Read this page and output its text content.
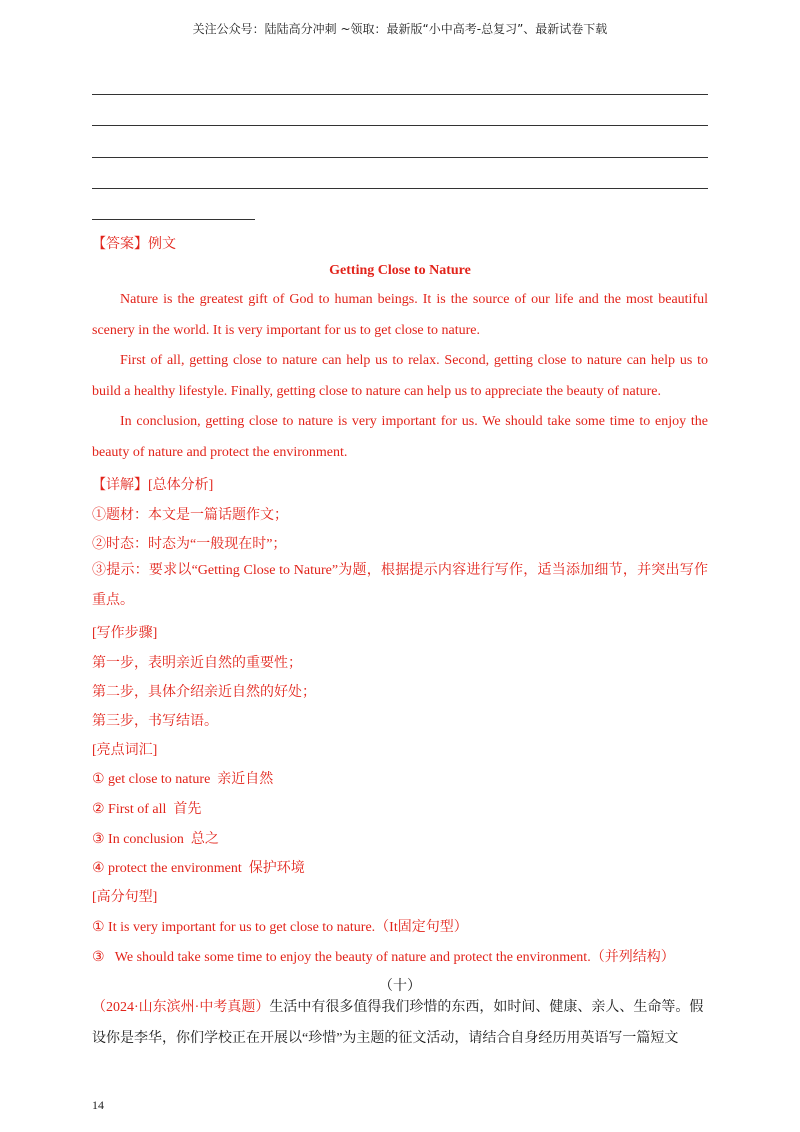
关注公众号：陆陆高分冲刺 ~领取：最新版“小中高考-总复习”、最新试卷下载
【答案】例文
Getting Close to Nature
Nature is the greatest gift of God to human beings. It is the source of our life and the most beautiful scenery in the world. It is very important for us to get close to nature.
First of all, getting close to nature can help us to relax. Second, getting close to nature can help us to build a healthy lifestyle. Finally, getting close to nature can help us to appreciate the beauty of nature.
In conclusion, getting close to nature is very important for us. We should take some time to enjoy the beauty of nature and protect the environment.
【详解】[总体分析]
①题材：本文是一篇话题作文；
②时态：时态为“一般现在时”；
③提示：要求以“Getting Close to Nature”为题，根据提示内容进行写作，适当添加细节，并突出写作重点。
[写作步骤]
第一步，表明亲近自然的重要性；
第二步，具体介绍亲近自然的好处；
第三步，书写结语。
[亮点词汇]
① get close to nature  亲近自然
② First of all  首先
③ In conclusion  总之
④ protect the environment  保护环境
[高分句型]
① It is very important for us to get close to nature.（It固定句型）
③   We should take some time to enjoy the beauty of nature and protect the environment.（并列结构）
（十）
（2024·山东滨州·中考真题）生活中有很多值得我们珍惜的东西，如时间、健康、亲人、生命等。假
设你是李华，你们学校正在开展以“珍惜”为主题的征文活动，请结合自身经历用英语写一篇短文
14
